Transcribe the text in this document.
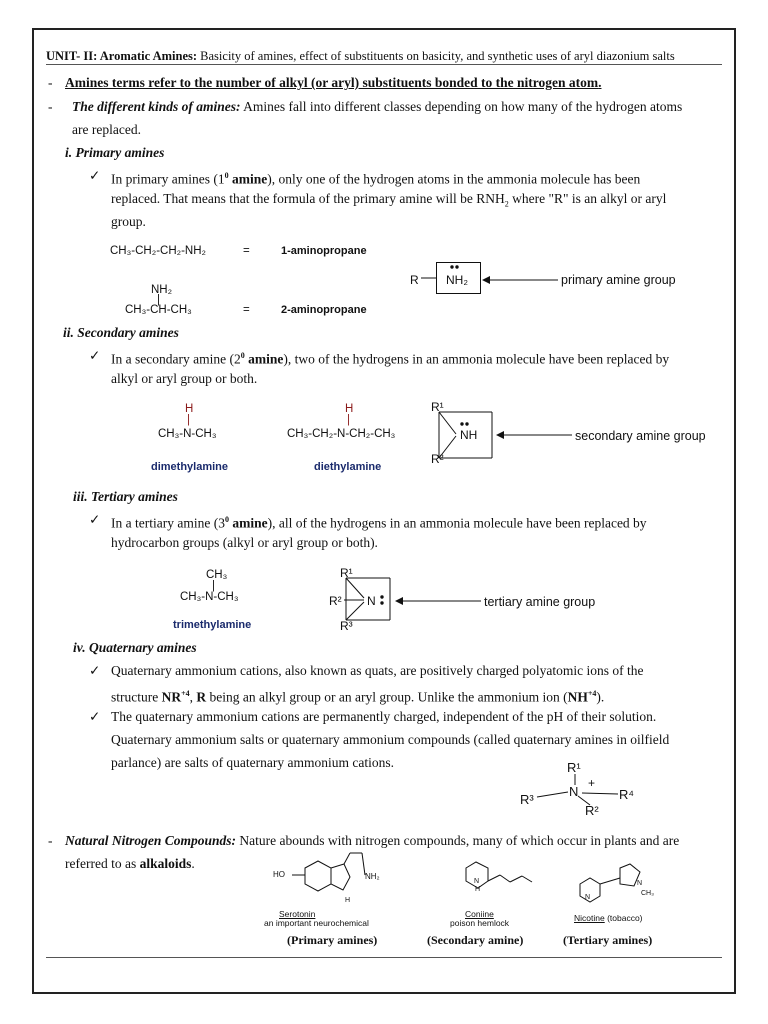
UNIT- II: Aromatic Amines: Basicity of amines, effect of substituents on basicity, and synthetic uses of aryl diazonium salts
- Amines terms refer to the number of alkyl (or aryl) substituents bonded to the nitrogen atom.
- The different kinds of amines: Amines fall into different classes depending on how many of the hydrogen atoms
are replaced.
i. Primary amines
✓ In primary amines ($1^0$ amine), only one of the hydrogen atoms in the ammonia molecule has been
replaced. That means that the formula of the primary amine will be $RNH_2$ where "R" is an alkyl or aryl
group.
CH₃-CH₂-CH₂-NH₂	=	1-aminopropane
NH₂
|
CH₃-CH-CH₃	=	2-aminopropane
R NH₂	primary amine group
ii. Secondary amines
✓ In a secondary amine ($2^0$ amine), two of the hydrogens in an ammonia molecule have been replaced by
alkyl or aryl group or both.
H
|
CH₃-N-CH₃
dimethylamine
H
|
CH₃-CH₂-N-CH₂-CH₃
diethylamine
R¹
R²
NH	secondary amine group
iii. Tertiary amines
✓ In a tertiary amine ($3^0$ amine), all of the hydrogens in an ammonia molecule have been replaced by
hydrocarbon groups (alkyl or aryl group or both).
CH₃
|
CH₃-N-CH₃
trimethylamine
R¹
R²
R³
N	tertiary amine group
iv. Quaternary amines
✓ Quaternary ammonium cations, also known as quats, are positively charged polyatomic ions of the
structure $NR^{+4}$, R being an alkyl group or an aryl group. Unlike the ammonium ion $(NH^{+4})$.
✓ The quaternary ammonium cations are permanently charged, independent of the pH of their solution.
Quaternary ammonium salts or quaternary ammonium compounds (called quaternary amines in oilfield
parlance) are salts of quaternary ammonium cations.	R¹
+
N
R³	R⁴
R²
- Natural Nitrogen Compounds: Nature abounds with nitrogen compounds, many of which occur in plants and are
referred to as alkaloids.
HO	NH₂
H
Serotonin
an important neurochemical
N
H
Coniine
poison hemlock
N
N
CH₃
Nicotine (tobacco)
(Primary amines)	(Secondary amine)	(Tertiary amines)
